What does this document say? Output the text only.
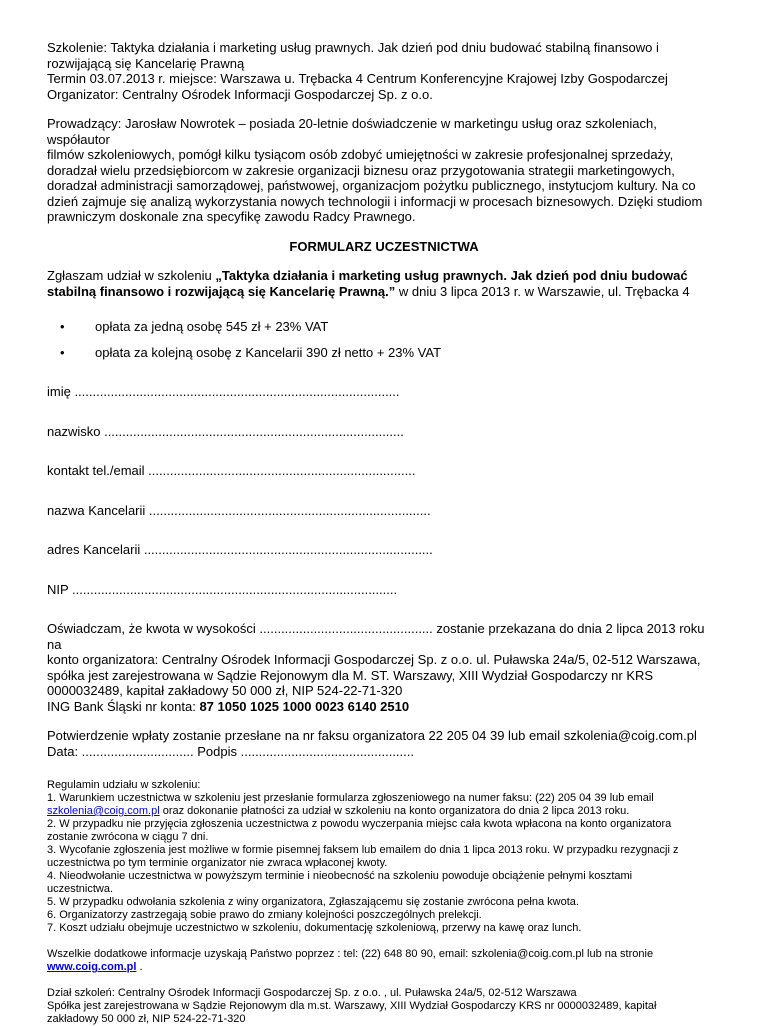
Szkolenie: Taktyka działania i marketing usług prawnych. Jak dzień pod dniu budować stabilną finansowo i
rozwijającą się Kancelarię Prawną
Termin 03.07.2013 r. miejsce: Warszawa u. Trębacka 4 Centrum Konferencyjne Krajowej Izby Gospodarczej
Organizator: Centralny Ośrodek Informacji Gospodarczej Sp. z o.o.
Prowadzący: Jarosław Nowrotek – posiada 20-letnie doświadczenie w marketingu usług oraz szkoleniach, współautor
filmów szkoleniowych, pomógł kilku tysiącom osób zdobyć umiejętności w zakresie profesjonalnej sprzedaży,
doradzał wielu przedsiębiorcom w zakresie organizacji biznesu oraz przygotowania strategii marketingowych,
doradzał administracji samorządowej, państwowej, organizacjom pożytku publicznego, instytucjom kultury. Na co
dzień zajmuje się analizą wykorzystania nowych technologii i informacji w procesach biznesowych. Dzięki studiom
prawniczym doskonale zna specyfikę zawodu Radcy Prawnego.
FORMULARZ UCZESTNICTWA
Zgłaszam udział w szkoleniu „Taktyka działania i marketing usług prawnych. Jak dzień pod dniu budować
stabilną finansowo i rozwijającą się Kancelarię Prawną.” w dniu 3 lipca 2013 r. w Warszawie, ul. Trębacka 4
• opłata za jedną osobę 545 zł + 23% VAT
• opłata za kolejną osobę z Kancelarii 390 zł netto + 23% VAT

imię ..........................................................................................

nazwisko ...................................................................................

kontakt tel./email ..........................................................................

nazwa Kancelarii ..............................................................................

adres Kancelarii ................................................................................

NIP ..........................................................................................

Oświadczam, że kwota w wysokości ................................................ zostanie przekazana do dnia 2 lipca 2013 roku na
konto organizatora: Centralny Ośrodek Informacji Gospodarczej Sp. z o.o. ul. Puławska 24a/5, 02-512 Warszawa,
spółka jest zarejestrowana w Sądzie Rejonowym dla M. ST. Warszawy, XIII Wydział Gospodarczy nr KRS
0000032489, kapitał zakładowy 50 000 zł, NIP 524-22-71-320
ING Bank Śląski nr konta: 87 1050 1025 1000 0023 6140 2510
Potwierdzenie wpłaty zostanie przesłane na nr faksu organizatora 22 205 04 39 lub email szkolenia@coig.com.pl
Data: ............................... Podpis ................................................
Regulamin udziału w szkoleniu:
1. Warunkiem uczestnictwa w szkoleniu jest przesłanie formularza zgłoszeniowego na numer faksu: (22) 205 04 39 lub email
szkolenia@coig.com.pl oraz dokonanie płatności za udział w szkoleniu na konto organizatora do dnia 2 lipca 2013 roku.
2. W przypadku nie przyjęcia zgłoszenia uczestnictwa z powodu wyczerpania miejsc cała kwota wpłacona na konto organizatora
zostanie zwrócona w ciągu 7 dni.
3. Wycofanie zgłoszenia jest możliwe w formie pisemnej faksem lub emailem do dnia 1 lipca 2013 roku. W przypadku rezygnacji z
uczestnictwa po tym terminie organizator nie zwraca wpłaconej kwoty.
4. Nieodwołanie uczestnictwa w powyższym terminie i nieobecność na szkoleniu powoduje obciążenie pełnymi kosztami
uczestnictwa.
5. W przypadku odwołania szkolenia z winy organizatora, Zgłaszającemu się zostanie zwrócona pełna kwota.
6. Organizatorzy zastrzegają sobie prawo do zmiany kolejności poszczególnych prelekcji.
7. Koszt udziału obejmuje uczestnictwo w szkoleniu, dokumentację szkoleniową, przerwy na kawę oraz lunch.
Wszelkie dodatkowe informacje uzyskają Państwo poprzez : tel: (22) 648 80 90, email: szkolenia@coig.com.pl lub na stronie
www.coig.com.pl .
Dział szkoleń: Centralny Ośrodek Informacji Gospodarczej Sp. z o.o. , ul. Puławska 24a/5, 02-512 Warszawa
Spółka jest zarejestrowana w Sądzie Rejonowym dla m.st. Warszawy, XIII Wydział Gospodarczy KRS nr 0000032489, kapitał
zakładowy 50 000 zł, NIP 524-22-71-320
